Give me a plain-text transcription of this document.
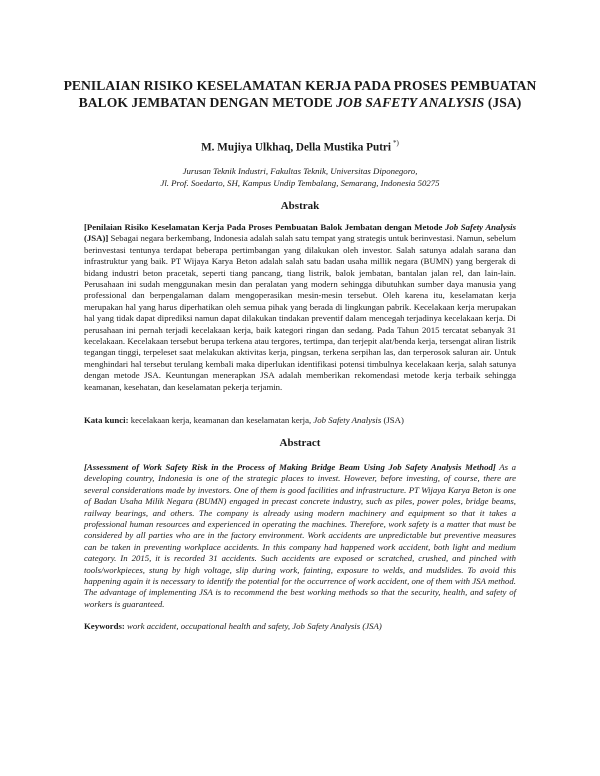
PENILAIAN RISIKO KESELAMATAN KERJA PADA PROSES PEMBUATAN
BALOK JEMBATAN DENGAN METODE JOB SAFETY ANALYSIS (JSA)
M. Mujiya Ulkhaq, Della Mustika Putri *)
Jurusan Teknik Industri, Fakultas Teknik, Universitas Diponegoro,
Jl. Prof. Soedarto, SH, Kampus Undip Tembalang, Semarang, Indonesia 50275
Abstrak
[Penilaian Risiko Keselamatan Kerja Pada Proses Pembuatan Balok Jembatan dengan Metode Job Safety Analysis (JSA)] Sebagai negara berkembang, Indonesia adalah salah satu tempat yang strategis untuk berinvestasi. Namun, sebelum berinvestasi tentunya terdapat beberapa pertimbangan yang dilakukan oleh investor. Salah satunya adalah sarana dan infrastruktur yang baik. PT Wijaya Karya Beton adalah salah satu badan usaha millik negara (BUMN) yang bergerak di bidang industri beton pracetak, seperti tiang pancang, tiang listrik, balok jembatan, bantalan jalan rel, dan lain-lain. Perusahaan ini sudah menggunakan mesin dan peralatan yang modern sehingga dibutuhkan sumber daya manusia yang professional dan berpengalaman dalam mengoperasikan mesin-mesin tersebut. Oleh karena itu, keselamatan kerja merupakan hal yang harus diperhatikan oleh semua pihak yang berada di lingkungan pabrik. Kecelakaan kerja merupakan hal yang tidak dapat diprediksi namun dapat dilakukan tindakan preventif dalam mencegah terjadinya kecelakaan kerja. Di perusahaan ini pernah terjadi kecelakaan kerja, baik kategori ringan dan sedang. Pada Tahun 2015 tercatat sebanyak 31 kecelakaan. Kecelakaan tersebut berupa terkena atau tergores, tertimpa, dan terjepit alat/benda kerja, tersengat aliran listrik tegangan tinggi, terpeleset saat melakukan aktivitas kerja, pingsan, terkena serpihan las, dan terperosok saluran air. Untuk menghindari hal tersebut terulang kembali maka diperlukan identifikasi potensi timbulnya kecelakaan kerja, salah satunya dengan metode JSA. Keuntungan menerapkan JSA adalah memberikan rekomendasi metode kerja terbaik sehingga keamanan, kesehatan, dan keselamatan pekerja terjamin.
Kata kunci: kecelakaan kerja, keamanan dan keselamatan kerja, Job Safety Analysis (JSA)
Abstract
[Assessment of Work Safety Risk in the Process of Making Bridge Beam Using Job Safety Analysis Method] As a developing country, Indonesia is one of the strategic places to invest. However, before investing, of course, there are several considerations made by investors. One of them is good facilities and infrastructure. PT Wijaya Karya Beton is one of Badan Usaha Milik Negara (BUMN) engaged in precast concrete industry, such as piles, power poles, bridge beams, railway bearings, and others. The company is already using modern machinery and equipment so that it takes a professional human resources and experienced in operating the machines. Therefore, work safety is a matter that must be considered by all parties who are in the factory environment. Work accidents are unpredictable but preventive measures can be taken in preventing workplace accidents. In this company had happened work accident, both light and medium category. In 2015, it is recorded 31 accidents. Such accidents are exposed or scratched, crushed, and pinched with tools/workpieces, stung by high voltage, slip during work, fainting, exposure to welds, and mudslides. To avoid this happening again it is necessary to identify the potential for the occurrence of work accident, one of them with JSA method. The advantage of implementing JSA is to recommend the best working methods so that the security, health, and safety of workers is guaranteed.
Keywords: work accident, occupational health and safety, Job Safety Analysis (JSA)
